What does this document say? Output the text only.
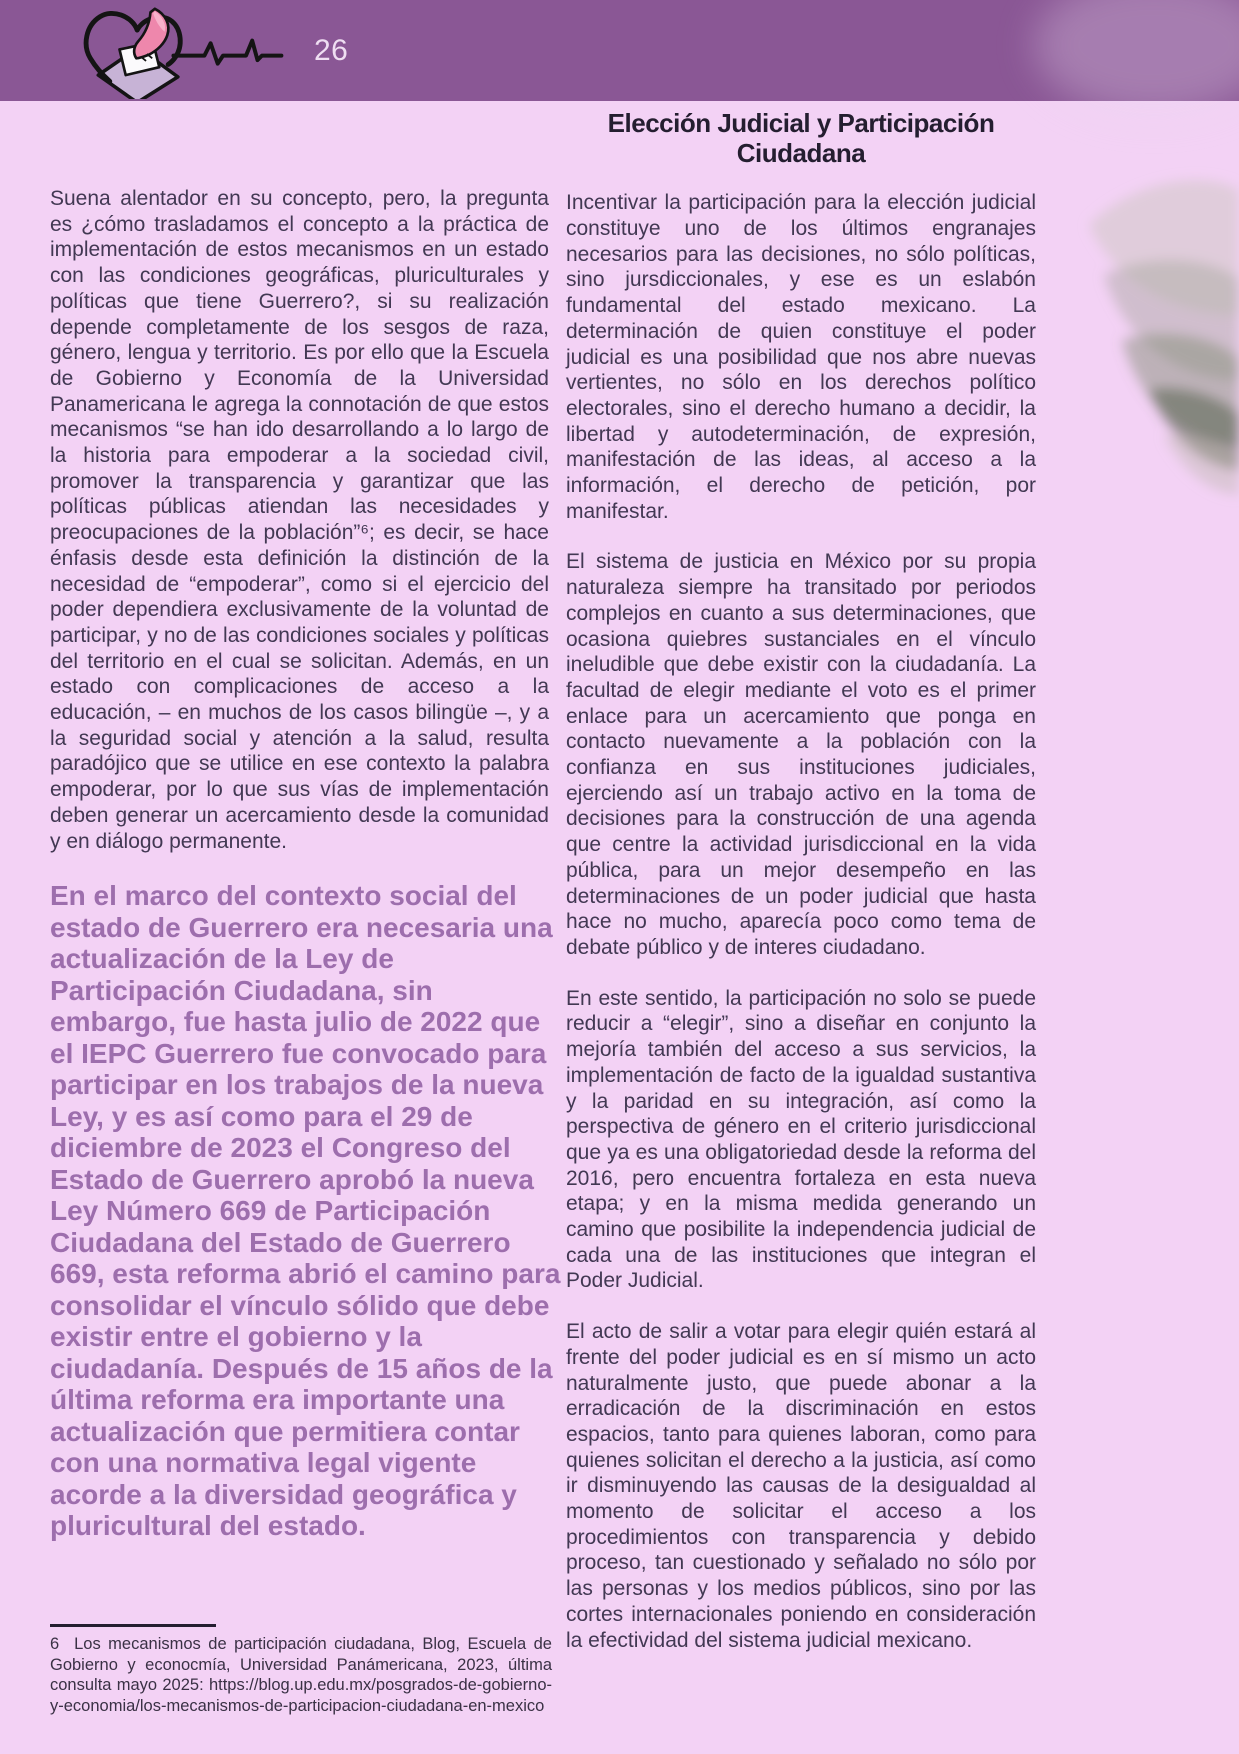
26

Suena alentador en su concepto, pero, la pregunta es ¿cómo trasladamos el concepto a la práctica de implementación de estos mecanismos en un estado con las condiciones geográficas, pluriculturales y políticas que tiene Guerrero?, si su realización depende completamente de los sesgos de raza, género, lengua y territorio. Es por ello que la Escuela de Gobierno y Economía de la Universidad Panamericana le agrega la connotación de que estos mecanismos “se han ido desarrollando a lo largo de la historia para empoderar a la sociedad civil, promover la transparencia y garantizar que las políticas públicas atiendan las necesidades y preocupaciones de la población”⁶; es decir, se hace énfasis desde esta definición la distinción de la necesidad de “empoderar”, como si el ejercicio del poder dependiera exclusivamente de la voluntad de participar, y no de las condiciones sociales y políticas del territorio en el cual se solicitan. Además, en un estado con complicaciones de acceso a la educación, – en muchos de los casos bilingüe –, y a la seguridad social y atención a la salud, resulta paradójico que se utilice en ese contexto la palabra empoderar, por lo que sus vías de implementación deben generar un acercamiento desde la comunidad y en diálogo permanente.

En el marco del contexto social del estado de Guerrero era necesaria una actualización de la Ley de Participación Ciudadana, sin embargo, fue hasta julio de 2022 que el IEPC Guerrero fue convocado para participar en los trabajos de la nueva Ley, y es así como para el 29 de diciembre de 2023 el Congreso del Estado de Guerrero aprobó la nueva Ley Número 669 de Participación Ciudadana del Estado de Guerrero 669, esta reforma abrió el camino para consolidar el vínculo sólido que debe existir entre el gobierno y la ciudadanía. Después de 15 años de la última reforma era importante una actualización que permitiera contar con una normativa legal vigente acorde a la diversidad geográfica y pluricultural del estado.
Elección Judicial y Participación
Ciudadana

Incentivar la participación para la elección judicial constituye uno de los últimos engranajes necesarios para las decisiones, no sólo políticas, sino jursdiccionales, y ese es un eslabón fundamental del estado mexicano. La determinación de quien constituye el poder judicial es una posibilidad que nos abre nuevas vertientes, no sólo en los derechos político electorales, sino el derecho humano a decidir, la libertad y autodeterminación, de expresión, manifestación de las ideas, al acceso a la información, el derecho de petición, por manifestar.

El sistema de justicia en México por su propia naturaleza siempre ha transitado por periodos complejos en cuanto a sus determinaciones, que ocasiona quiebres sustanciales en el vínculo ineludible que debe existir con la ciudadanía. La facultad de elegir mediante el voto es el primer enlace para un acercamiento que ponga en contacto nuevamente a la población con la confianza en sus instituciones judiciales, ejerciendo así un trabajo activo en la toma de decisiones para la construcción de una agenda que centre la actividad jurisdiccional en la vida pública, para un mejor desempeño en las determinaciones de un poder judicial que hasta hace no mucho, aparecía poco como tema de debate público y de interes ciudadano.

En este sentido, la participación no solo se puede reducir a “elegir”, sino a diseñar en conjunto la mejoría también del acceso a sus servicios, la implementación de facto de la igualdad sustantiva y la paridad en su integración, así como la perspectiva de género en el criterio jurisdiccional que ya es una obligatoriedad desde la reforma del 2016, pero encuentra fortaleza en esta nueva etapa; y en la misma medida generando un camino que posibilite la independencia judicial de cada una de las instituciones que integran el Poder Judicial.

El acto de salir a votar para elegir quién estará al frente del poder judicial es en sí mismo un acto naturalmente justo, que puede abonar a la erradicación de la discriminación en estos espacios, tanto para quienes laboran, como para quienes solicitan el derecho a la justicia, así como ir disminuyendo las causas de la desigualdad al momento de solicitar el acceso a los procedimientos con transparencia y debido proceso, tan cuestionado y señalado no sólo por las personas y los medios públicos, sino por las cortes internacionales poniendo en consideración la efectividad del sistema judicial mexicano.

6  Los mecanismos de participación ciudadana, Blog, Escuela de Gobierno y econocmía, Universidad Panámericana, 2023, última consulta mayo 2025: https://blog.up.edu.mx/posgrados-de-gobierno-y-economia/los-mecanismos-de-participacion-ciudadana-en-mexico
